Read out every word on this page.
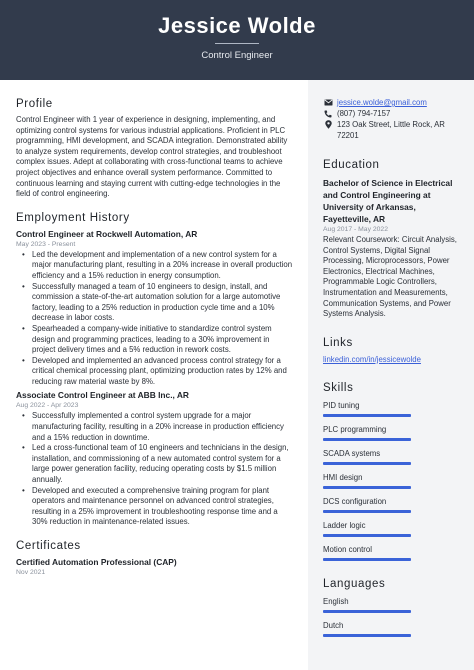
Jessice Wolde
Control Engineer
Profile

Control Engineer with 1 year of experience in designing, implementing, and optimizing control systems for various industrial applications. Proficient in PLC programming, HMI development, and SCADA integration. Demonstrated ability to analyze system requirements, develop control strategies, and troubleshoot complex issues. Adept at collaborating with cross-functional teams to achieve project objectives and enhance overall system performance. Committed to continuous learning and staying current with cutting-edge technologies in the field of control engineering.

Employment History
Control Engineer at Rockwell Automation, AR
May 2023 - Present
• Led the development and implementation of a new control system for a major manufacturing plant, resulting in a 20% increase in overall production efficiency and a 15% reduction in energy consumption.
• Successfully managed a team of 10 engineers to design, install, and commission a state-of-the-art automation solution for a large automotive factory, leading to a 25% reduction in production cycle time and a 10% decrease in labor costs.
• Spearheaded a company-wide initiative to standardize control system design and programming practices, leading to a 30% improvement in project delivery times and a 5% reduction in rework costs.
• Developed and implemented an advanced process control strategy for a critical chemical processing plant, optimizing production rates by 12% and reducing raw material waste by 8%.
Associate Control Engineer at ABB Inc., AR
Aug 2022 - Apr 2023
• Successfully implemented a control system upgrade for a major manufacturing facility, resulting in a 20% increase in production efficiency and a 15% reduction in downtime.
• Led a cross-functional team of 10 engineers and technicians in the design, installation, and commissioning of a new automated control system for a large power generation facility, reducing operating costs by $1.5 million annually.
• Developed and executed a comprehensive training program for plant operators and maintenance personnel on advanced control strategies, resulting in a 25% improvement in troubleshooting response time and a 30% reduction in maintenance-related issues.
Certificates
Certified Automation Professional (CAP)
Nov 2021
jessice.wolde@gmail.com
(807) 794-7157
123 Oak Street, Little Rock, AR 72201
Education
Bachelor of Science in Electrical and Control Engineering at University of Arkansas, Fayetteville, AR
Aug 2017 - May 2022

Relevant Coursework: Circuit Analysis, Control Systems, Digital Signal Processing, Microprocessors, Power Electronics, Electrical Machines, Programmable Logic Controllers, Instrumentation and Measurements, Communication Systems, and Power Systems Analysis.

Links
linkedin.com/in/jessicewolde
Skills
PID tuning
PLC programming
SCADA systems
HMI design
DCS configuration
Ladder logic
Motion control
Languages
English
Dutch
